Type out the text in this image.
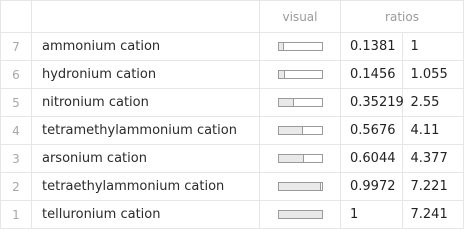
		visual	ratios	
7	ammonium cation		0.1381	1
6	hydronium cation		0.1456	1.055
5	nitronium cation		0.35219	2.55
4	tetramethylammonium cation		0.5676	4.11
3	arsonium cation		0.6044	4.377
2	tetraethylammonium cation		0.9972	7.221
1	telluronium cation		1	7.241
